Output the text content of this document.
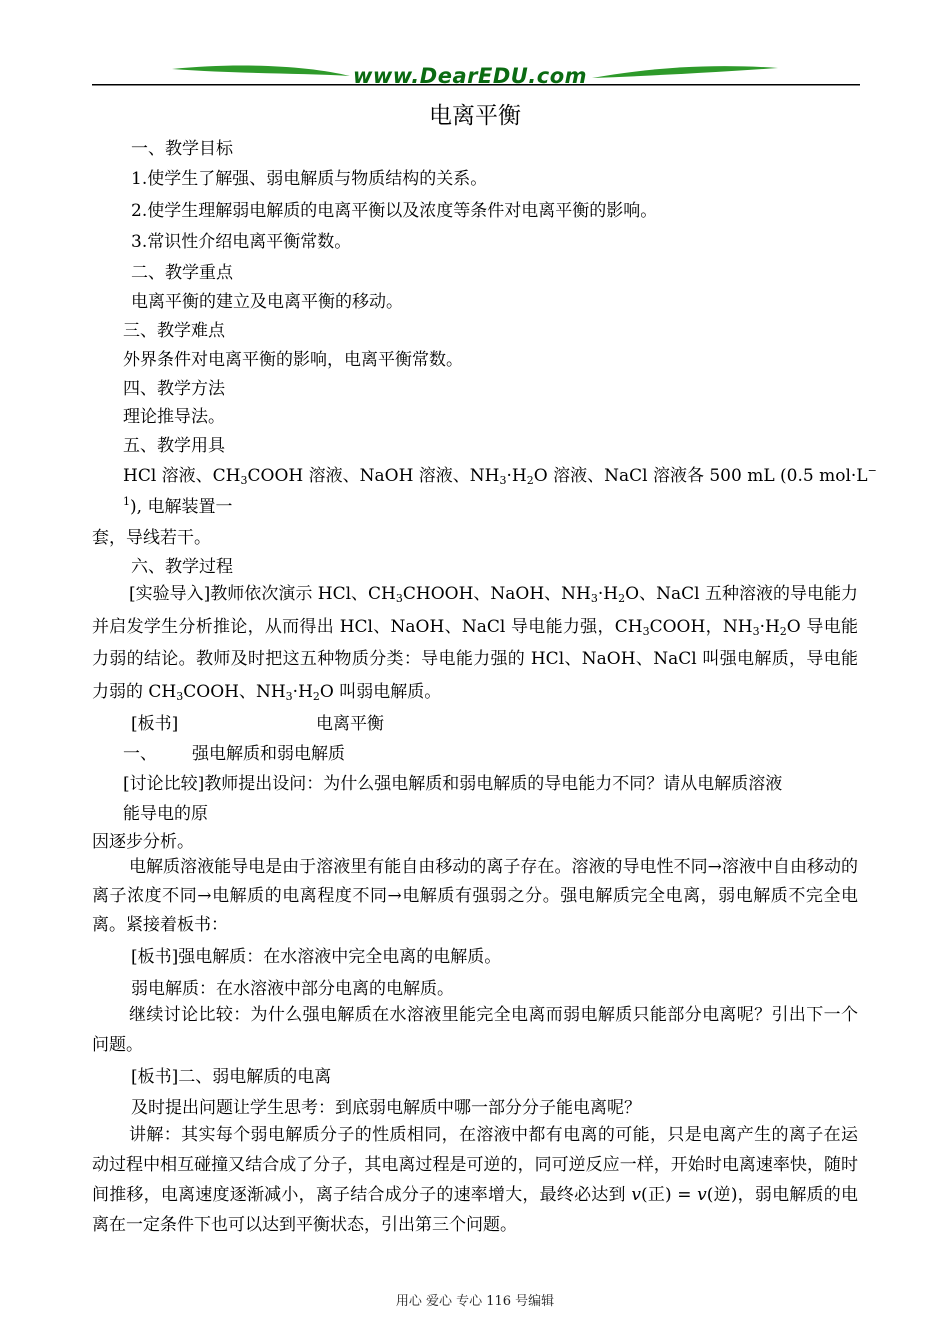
www.DearEDU.com
电离平衡
一、教学目标
1.使学生了解强、弱电解质与物质结构的关系。
2.使学生理解弱电解质的电离平衡以及浓度等条件对电离平衡的影响。
3.常识性介绍电离平衡常数。
二、教学重点
电离平衡的建立及电离平衡的移动。
三、教学难点
外界条件对电离平衡的影响，电离平衡常数。
四、教学方法
理论推导法。
五、教学用具
HCl 溶液、$CH_3COOH$ 溶液、NaOH 溶液、$NH_3\cdot H_2O$ 溶液、NaCl 溶液各 500 mL (0.5 mol·L−
$^1$), 电解装置一
套，导线若干。
六、教学过程
[实验导入]教师依次演示 HCl、$CH_3CHOOH$、NaOH、$NH_3\cdot H_2O$、NaCl 五种溶液的导电能力并启发学生分析推论，从而得出 HCl、NaOH、NaCl 导电能力强，$CH_3COOH$，$NH_3\cdot H_2O$ 导电能力弱的结论。教师及时把这五种物质分类：导电能力强的 HCl、NaOH、NaCl 叫强电解质，导电能力弱的 $CH_3COOH$、$NH_3\cdot H_2O$ 叫弱电解质。
[板书]	电离平衡
一、 强电解质和弱电解质
[讨论比较]教师提出设问：为什么强电解质和弱电解质的导电能力不同？请从电解质溶液
能导电的原
因逐步分析。
电解质溶液能导电是由于溶液里有能自由移动的离子存在。溶液的导电性不同→溶液中自由移动的离子浓度不同→电解质的电离程度不同→电解质有强弱之分。强电解质完全电离，弱电解质不完全电离。紧接着板书：
[板书]强电解质：在水溶液中完全电离的电解质。
弱电解质：在水溶液中部分电离的电解质。
继续讨论比较：为什么强电解质在水溶液里能完全电离而弱电解质只能部分电离呢？引出下一个问题。
[板书]二、弱电解质的电离
及时提出问题让学生思考：到底弱电解质中哪一部分分子能电离呢？
讲解：其实每个弱电解质分子的性质相同，在溶液中都有电离的可能，只是电离产生的离子在运动过程中相互碰撞又结合成了分子，其电离过程是可逆的，同可逆反应一样，开始时电离速率快，随时间推移，电离速度逐渐减小，离子结合成分子的速率增大，最终必达到 v(正) = v(逆)，弱电解质的电离在一定条件下也可以达到平衡状态，引出第三个问题。
用心 爱心 专心 116 号编辑
